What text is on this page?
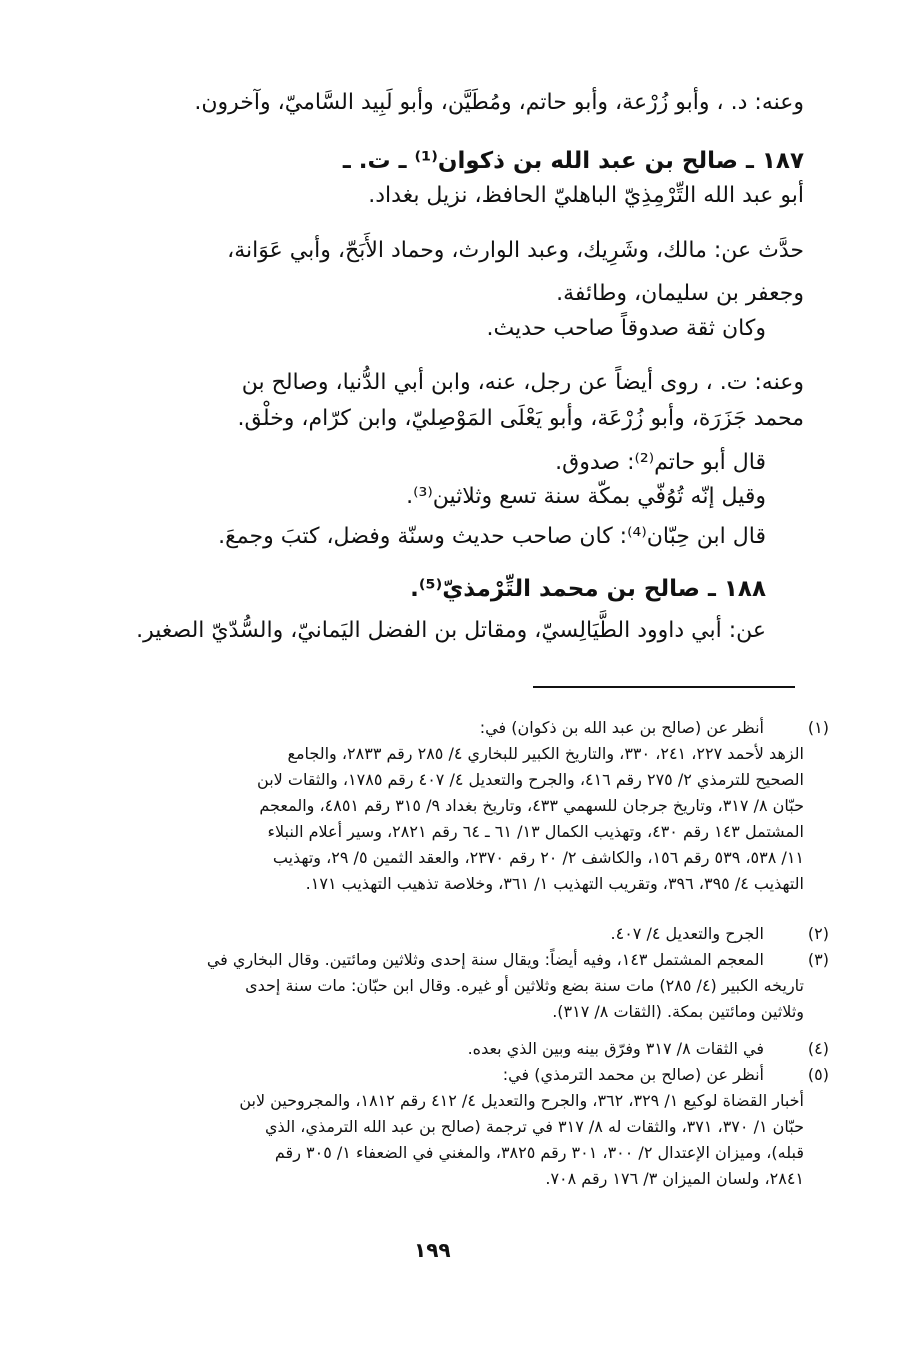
وعنه: د. ، وأبو زُرْعة، وأبو حاتم، ومُطَيَّن، وأبو لَبِيد السَّاميّ، وآخرون.
١٨٧ ـ صالح بن عبد الله بن ذكوان⁽¹⁾ ـ ت. ـ
أبو عبد الله التِّرْمِذِيّ الباهليّ الحافظ، نزيل بغداد.
حدَّث عن: مالك، وشَرِيك، وعبد الوارث، وحماد الأَبَحّ، وأبي عَوَانة،
وجعفر بن سليمان، وطائفة.
وكان ثقة صدوقاً صاحب حديث.
وعنه: ت. ، روى أيضاً عن رجل، عنه، وابن أبي الدُّنيا، وصالح بن
محمد جَزَرَة، وأبو زُرْعَة، وأبو يَعْلَى المَوْصِليّ، وابن كرّام، وخلْق.
قال أبو حاتم⁽²⁾: صدوق.
وقيل إنّه تُوُفّي بمكّة سنة تسع وثلاثين⁽³⁾.
قال ابن حِبّان⁽⁴⁾: كان صاحب حديث وسنّة وفضل، كتبَ وجمعَ.
١٨٨ ـ صالح بن محمد التِّرْمذيّ⁽⁵⁾.
عن: أبي داوود الطَّيَالِسيّ، ومقاتل بن الفضل اليَمانيّ، والسُّدّيّ الصغير.
(١)
(٢)
(٣)
(٤)
(٥)
أنظر عن (صالح بن عبد الله بن ذكوان) في:
الزهد لأحمد ٢٢٧، ٢٤١، ٣٣٠، والتاريخ الكبير للبخاري ٤/ ٢٨٥ رقم ٢٨٣٣، والجامع
الصحيح للترمذي ٢/ ٢٧٥ رقم ٤١٦، والجرح والتعديل ٤/ ٤٠٧ رقم ١٧٨٥، والثقات لابن
حبّان ٨/ ٣١٧، وتاريخ جرجان للسهمي ٤٣٣، وتاريخ بغداد ٩/ ٣١٥ رقم ٤٨٥١، والمعجم
المشتمل ١٤٣ رقم ٤٣٠، وتهذيب الكمال ١٣/ ٦١ ـ ٦٤ رقم ٢٨٢١، وسير أعلام النبلاء
١١/ ٥٣٨، ٥٣٩ رقم ١٥٦، والكاشف ٢/ ٢٠ رقم ٢٣٧٠، والعقد الثمين ٥/ ٢٩، وتهذيب
التهذيب ٤/ ٣٩٥، ٣٩٦، وتقريب التهذيب ١/ ٣٦١، وخلاصة تذهيب التهذيب ١٧١.
الجرح والتعديل ٤/ ٤٠٧.
المعجم المشتمل ١٤٣، وفيه أيضاً: ويقال سنة إحدى وثلاثين ومائتين. وقال البخاري في
تاريخه الكبير (٤/ ٢٨٥) مات سنة بضع وثلاثين أو غيره. وقال ابن حبّان: مات سنة إحدى
وثلاثين ومائتين بمكة. (الثقات ٨/ ٣١٧).
في الثقات ٨/ ٣١٧ وفرّق بينه وبين الذي بعده.
أنظر عن (صالح بن محمد الترمذي) في:
أخبار القضاة لوكيع ١/ ٣٢٩، ٣٦٢، والجرح والتعديل ٤/ ٤١٢ رقم ١٨١٢، والمجروحين لابن
حبّان ١/ ٣٧٠، ٣٧١، والثقات له ٨/ ٣١٧ في ترجمة (صالح بن عبد الله الترمذي، الذي
قبله)، وميزان الإعتدال ٢/ ٣٠٠، ٣٠١ رقم ٣٨٢٥، والمغني في الضعفاء ١/ ٣٠٥ رقم
٢٨٤١، ولسان الميزان ٣/ ١٧٦ رقم ٧٠٨.
١٩٩
